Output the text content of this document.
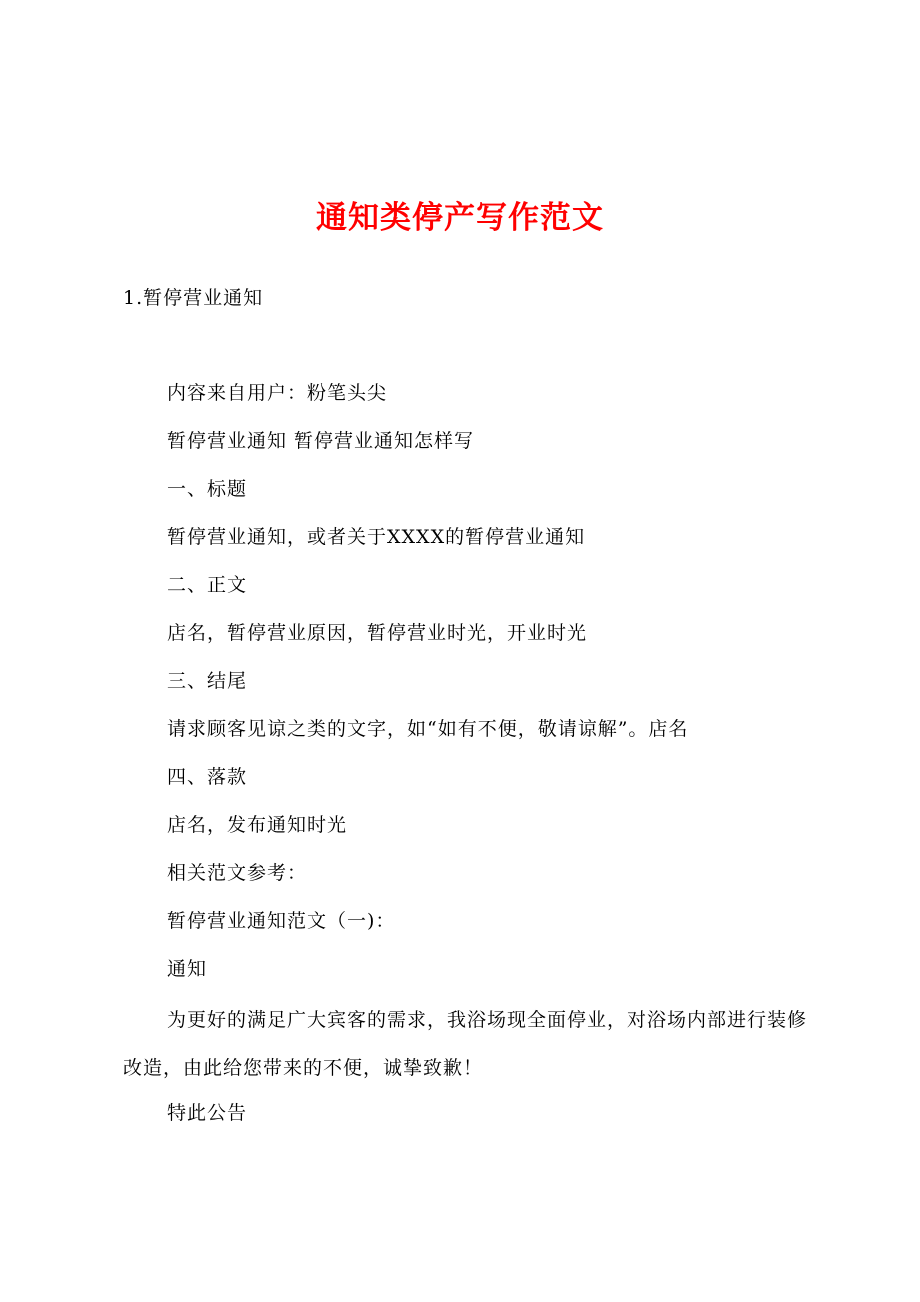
通知类停产写作范文

1.暂停营业通知

内容来自用户：粉笔头尖

暂停营业通知 暂停营业通知怎样写

一、标题

暂停营业通知，或者关于XXXX的暂停营业通知

二、正文

店名，暂停营业原因，暂停营业时光，开业时光

三、结尾

请求顾客见谅之类的文字，如“如有不便，敬请谅解”。店名

四、落款

店名，发布通知时光

相关范文参考：

暂停营业通知范文（一)：

通知

为更好的满足广大宾客的需求，我浴场现全面停业，对浴场内部进行装修改造，由此给您带来的不便，诚挚致歉！

特此公告
